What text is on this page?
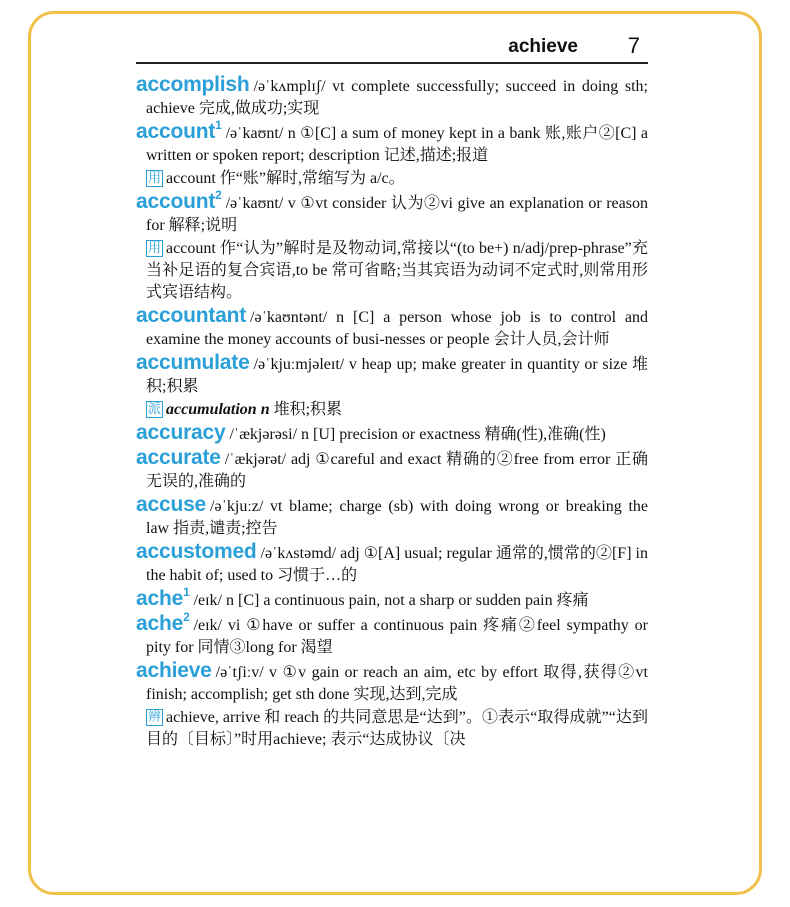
achieve 7

accomplish /əˈkʌmplɪʃ/ vt complete successfully; succeed in doing sth; achieve 完成,做成功;实现

account$^1$ /əˈkaʊnt/ n ①[C] a sum of money kept in a bank 账,账户②[C] a written or spoken report; description 记述,描述;报道

用 account 作“账”解时,常缩写为 a/c。

account$^2$ /əˈkaʊnt/ v ①vt consider 认为②vi give an explanation or reason for 解释;说明

用 account 作“认为”解时是及物动词,常接以“(to be+) n/adj/prep-phrase”充当补足语的复合宾语,to be 常可省略;当其宾语为动词不定式时,则常用形式宾语结构。

accountant /əˈkaʊntənt/ n [C] a person whose job is to control and examine the money accounts of busi-nesses or people 会计人员,会计师

accumulate /əˈkjuːmjəleɪt/ v heap up; make greater in quantity or size 堆积;积累

派 accumulation n 堆积;积累

accuracy /ˈækjərəsi/ n [U] precision or exactness 精确(性),准确(性)

accurate /ˈækjərət/ adj ①careful and exact 精确的②free from error 正确无误的,准确的

accuse /əˈkjuːz/ vt blame; charge (sb) with doing wrong or breaking the law 指责,谴责;控告

accustomed /əˈkʌstəmd/ adj ①[A] usual; regular 通常的,惯常的②[F] in the habit of; used to 习惯于…的

ache$^1$ /eɪk/ n [C] a continuous pain, not a sharp or sudden pain 疼痛

ache$^2$ /eɪk/ vi ①have or suffer a continuous pain 疼痛②feel sympathy or pity for 同情③long for 渴望

achieve /əˈtʃiːv/ v ①v gain or reach an aim, etc by effort 取得,获得②vt finish; accomplish; get sth done 实现,达到,完成

辨 achieve, arrive 和 reach 的共同意思是“达到”。①表示“取得成就”“达到目的〔目标〕”时用achieve; 表示“达成协议〔决
